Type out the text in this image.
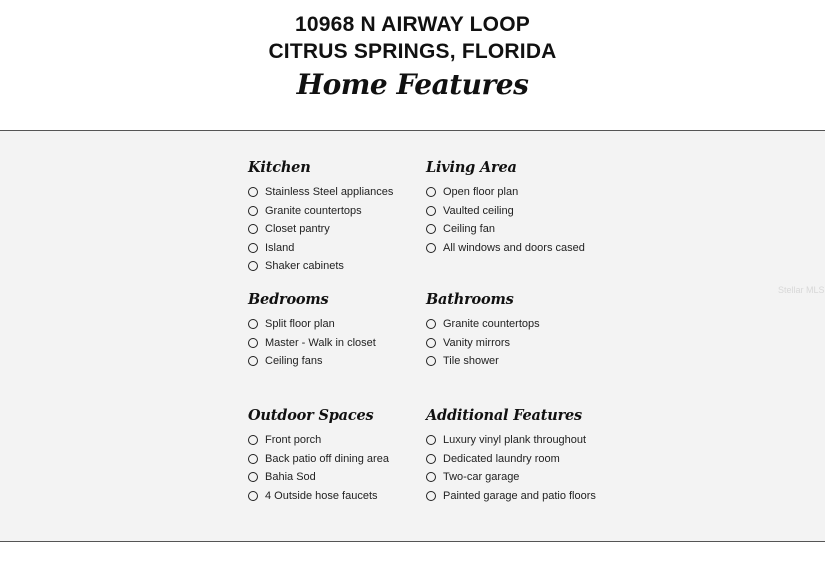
10968 N AIRWAY LOOP
CITRUS SPRINGS, FLORIDA
Home Features
Kitchen
Stainless Steel appliances
Granite countertops
Closet pantry
Island
Shaker cabinets
Living Area
Open floor plan
Vaulted ceiling
Ceiling fan
All windows and doors cased
Bedrooms
Split floor plan
Master - Walk in closet
Ceiling fans
Bathrooms
Granite countertops
Vanity mirrors
Tile shower
Outdoor Spaces
Front porch
Back patio off dining area
Bahia Sod
4 Outside hose faucets
Additional Features
Luxury vinyl plank throughout
Dedicated laundry room
Two-car garage
Painted garage and patio floors
Stellar MLS
